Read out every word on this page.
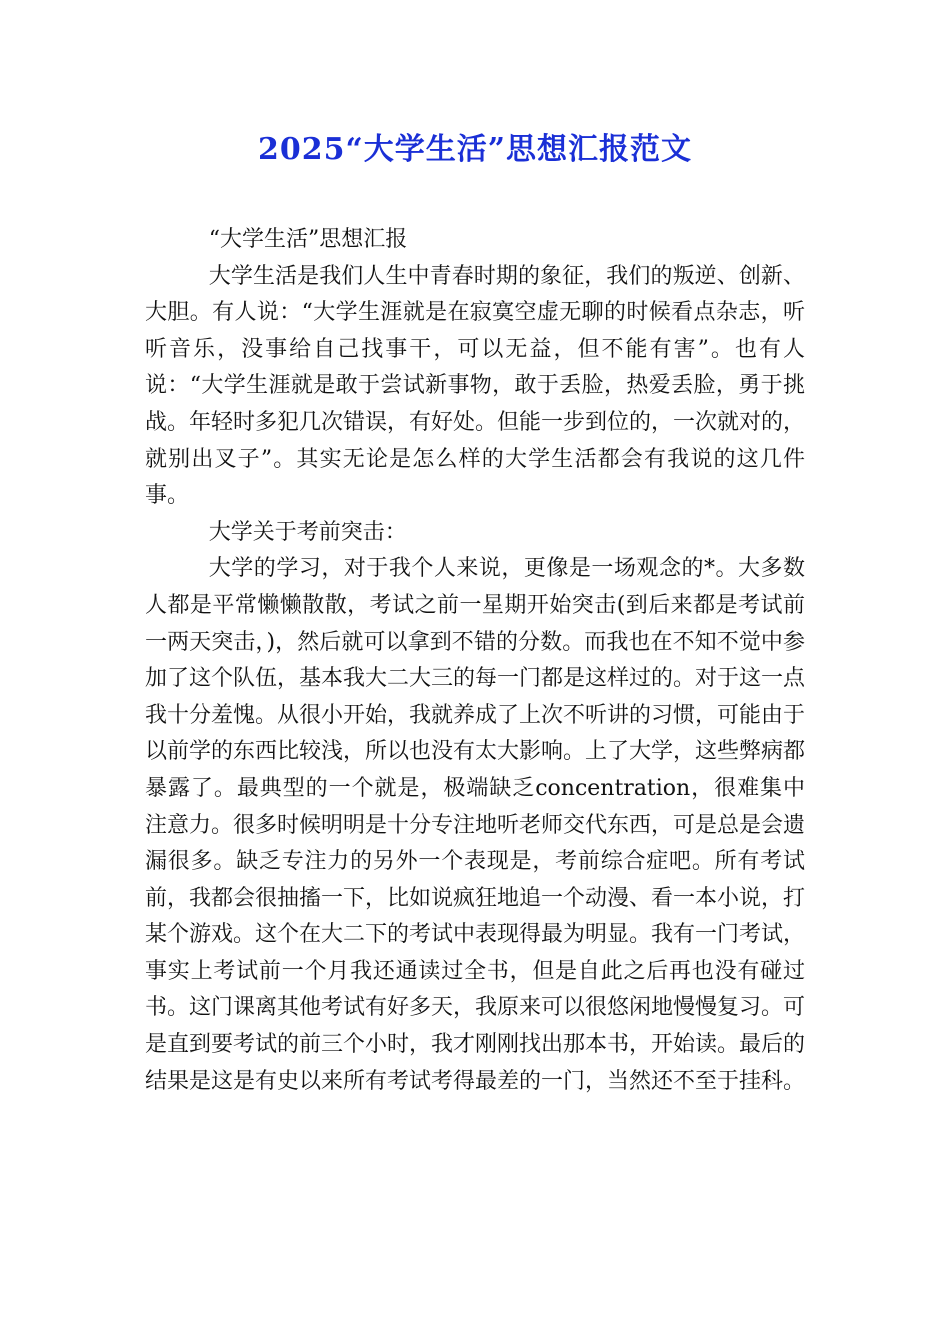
2025“大学生活”思想汇报范文

“大学生活”思想汇报

大学生活是我们人生中青春时期的象征，我们的叛逆、创新、大胆。有人说：“大学生涯就是在寂寞空虚无聊的时候看点杂志，听听音乐，没事给自己找事干，可以无益，但不能有害”。也有人说：“大学生涯就是敢于尝试新事物，敢于丢脸，热爱丢脸，勇于挑战。年轻时多犯几次错误，有好处。但能一步到位的，一次就对的，就别出叉子”。其实无论是怎么样的大学生活都会有我说的这几件事。

大学关于考前突击：

大学的学习，对于我个人来说，更像是一场观念的*。大多数人都是平常懒懒散散，考试之前一星期开始突击(到后来都是考试前一两天突击，)，然后就可以拿到不错的分数。而我也在不知不觉中参加了这个队伍，基本我大二大三的每一门都是这样过的。对于这一点我十分羞愧。从很小开始，我就养成了上次不听讲的习惯，可能由于以前学的东西比较浅，所以也没有太大影响。上了大学，这些弊病都暴露了。最典型的一个就是，极端缺乏concentration，很难集中注意力。很多时候明明是十分专注地听老师交代东西，可是总是会遗漏很多。缺乏专注力的另外一个表现是，考前综合症吧。所有考试前，我都会很抽搐一下，比如说疯狂地追一个动漫、看一本小说，打某个游戏。这个在大二下的考试中表现得最为明显。我有一门考试，事实上考试前一个月我还通读过全书，但是自此之后再也没有碰过书。这门课离其他考试有好多天，我原来可以很悠闲地慢慢复习。可是直到要考试的前三个小时，我才刚刚找出那本书，开始读。最后的结果是这是有史以来所有考试考得最差的一门，当然还不至于挂科。
